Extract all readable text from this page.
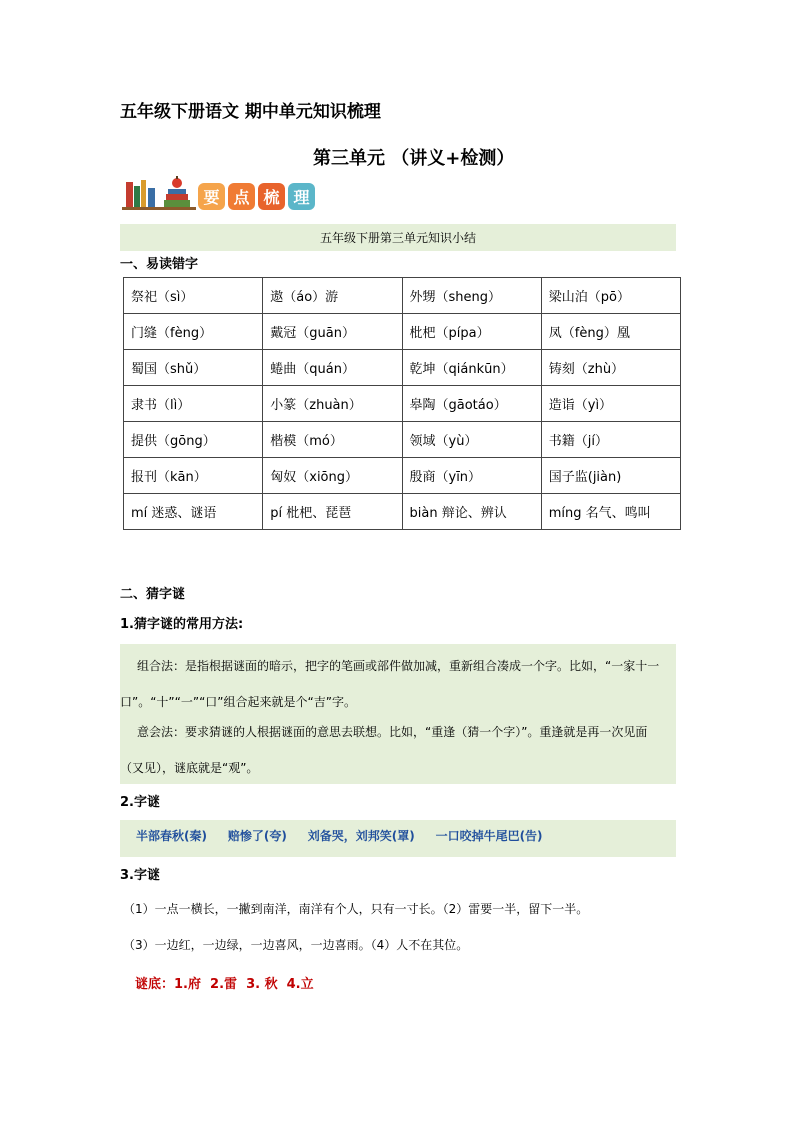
五年级下册语文 期中单元知识梳理
第三单元 （讲义+检测）
要 点 梳 理
五年级下册第三单元知识小结
一、易读错字
祭祀（sì）	遨（áo）游	外甥（sheng）	梁山泊（pō）
门缝（fèng）	戴冠（guān）	枇杷（pípa）	凤（fèng）凰
蜀国（shǔ）	蜷曲（quán）	乾坤（qiánkūn）	铸刻（zhù）
隶书（lì）	小篆（zhuàn）	皋陶（gāotáo）	造诣（yì）
提供（gōng）	楷模（mó）	领域（yù）	书籍（jí）
报刊（kān）	匈奴（xiōng）	殷商（yīn）	国子监(jiàn)
mí 迷惑、谜语	pí 枇杷、琵琶	biàn 辩论、辨认	míng 名气、鸣叫
二、猜字谜
1.猜字谜的常用方法:
组合法：是指根据谜面的暗示，把字的笔画或部件做加减，重新组合凑成一个字。比如，“一家十一口”。“十”“一”“口”组合起来就是个“吉”字。
意会法：要求猜谜的人根据谜面的意思去联想。比如，“重逢（猜一个字）”。重逢就是再一次见面（又见），谜底就是“观”。
2.字谜
半部春秋(秦)     赔惨了(夸)     刘备哭，刘邦笑(罩)     一口咬掉牛尾巴(告)
3.字谜
（1）一点一横长，一撇到南洋，南洋有个人，只有一寸长。（2）雷要一半，留下一半。
（3）一边红，一边绿，一边喜风，一边喜雨。（4）人不在其位。
谜底：1.府  2.雷  3. 秋  4.立
